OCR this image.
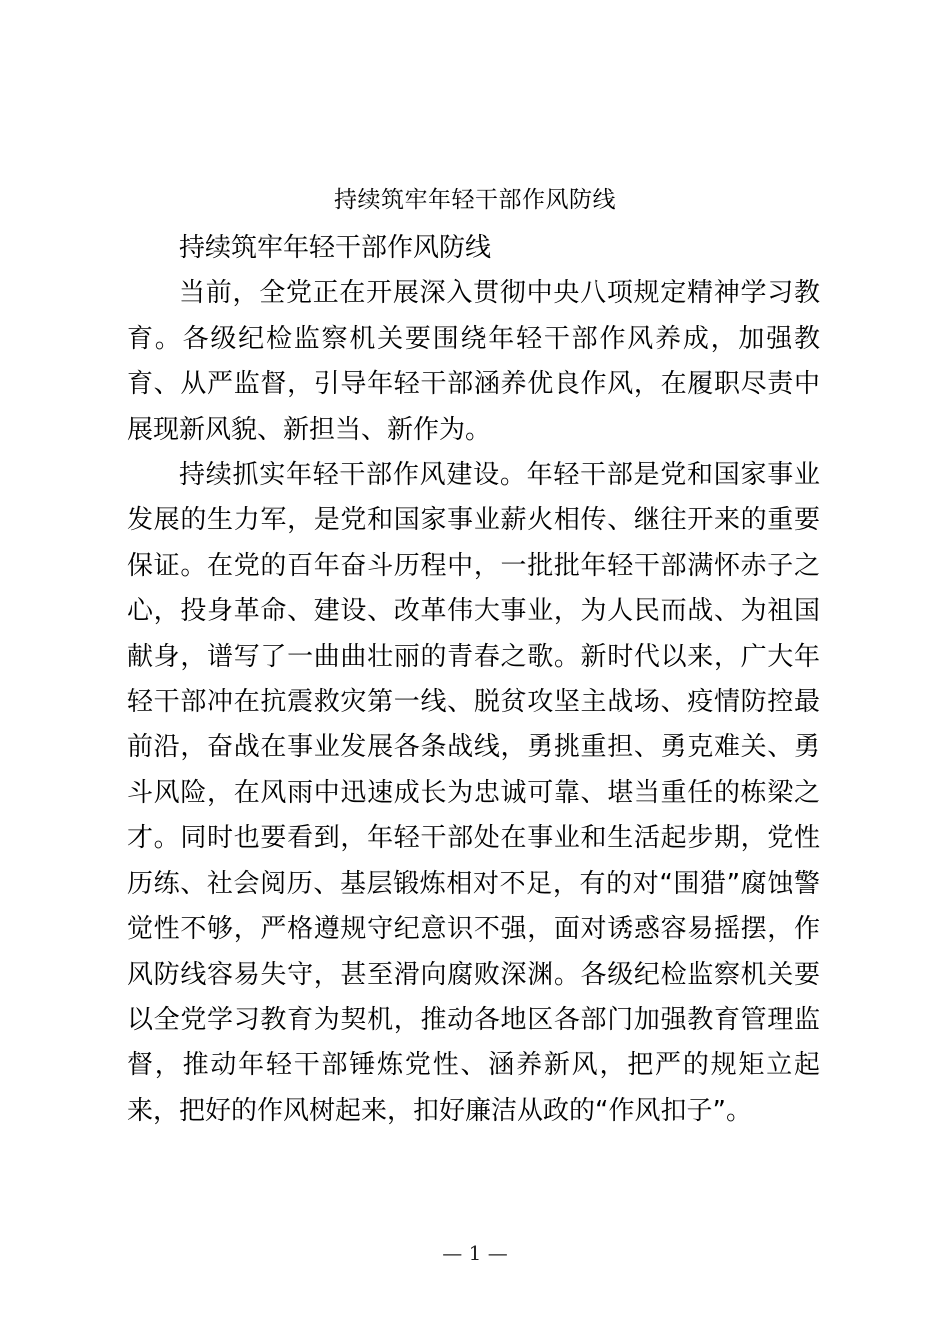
持续筑牢年轻干部作风防线

持续筑牢年轻干部作风防线

当前，全党正在开展深入贯彻中央八项规定精神学习教育。各级纪检监察机关要围绕年轻干部作风养成，加强教育、从严监督，引导年轻干部涵养优良作风，在履职尽责中展现新风貌、新担当、新作为。

持续抓实年轻干部作风建设。年轻干部是党和国家事业发展的生力军，是党和国家事业薪火相传、继往开来的重要保证。在党的百年奋斗历程中，一批批年轻干部满怀赤子之心，投身革命、建设、改革伟大事业，为人民而战、为祖国献身，谱写了一曲曲壮丽的青春之歌。新时代以来，广大年轻干部冲在抗震救灾第一线、脱贫攻坚主战场、疫情防控最前沿，奋战在事业发展各条战线，勇挑重担、勇克难关、勇斗风险，在风雨中迅速成长为忠诚可靠、堪当重任的栋梁之才。同时也要看到，年轻干部处在事业和生活起步期，党性历练、社会阅历、基层锻炼相对不足，有的对“围猎”腐蚀警觉性不够，严格遵规守纪意识不强，面对诱惑容易摇摆，作风防线容易失守，甚至滑向腐败深渊。各级纪检监察机关要以全党学习教育为契机，推动各地区各部门加强教育管理监督，推动年轻干部锤炼党性、涵养新风，把严的规矩立起来，把好的作风树起来，扣好廉洁从政的“作风扣子”。

— 1 —
